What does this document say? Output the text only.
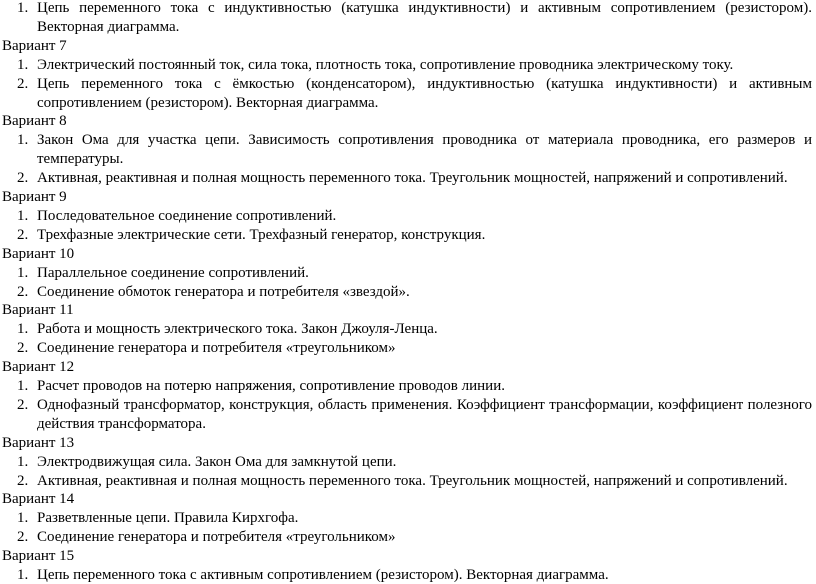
1. Цепь переменного тока с индуктивностью (катушка индуктивности) и активным сопротивлением (резистором).
Векторная диаграмма.
Вариант 7
1. Электрический постоянный ток, сила тока, плотность тока, сопротивление проводника электрическому току.
2. Цепь переменного тока с ёмкостью (конденсатором), индуктивностью (катушка индуктивности) и активным
сопротивлением (резистором). Векторная диаграмма.
Вариант 8
1. Закон Ома для участка цепи. Зависимость сопротивления проводника от материала проводника, его размеров и
температуры.
2. Активная, реактивная и полная мощность переменного тока. Треугольник мощностей, напряжений и сопротивлений.
Вариант 9
1. Последовательное соединение сопротивлений.
2. Трехфазные электрические сети. Трехфазный генератор, конструкция.
Вариант 10
1. Параллельное соединение сопротивлений.
2. Соединение обмоток генератора и потребителя «звездой».
Вариант 11
1. Работа и мощность электрического тока. Закон Джоуля-Ленца.
2. Соединение генератора и потребителя «треугольником»
Вариант 12
1. Расчет проводов на потерю напряжения, сопротивление проводов линии.
2. Однофазный трансформатор, конструкция, область применения. Коэффициент трансформации, коэффициент полезного
действия трансформатора.
Вариант 13
1. Электродвижущая сила. Закон Ома для замкнутой цепи.
2. Активная, реактивная и полная мощность переменного тока. Треугольник мощностей, напряжений и сопротивлений.
Вариант 14
1. Разветвленные цепи. Правила Кирхгофа.
2. Соединение генератора и потребителя «треугольником»
Вариант 15
1. Цепь переменного тока с активным сопротивлением (резистором). Векторная диаграмма.
